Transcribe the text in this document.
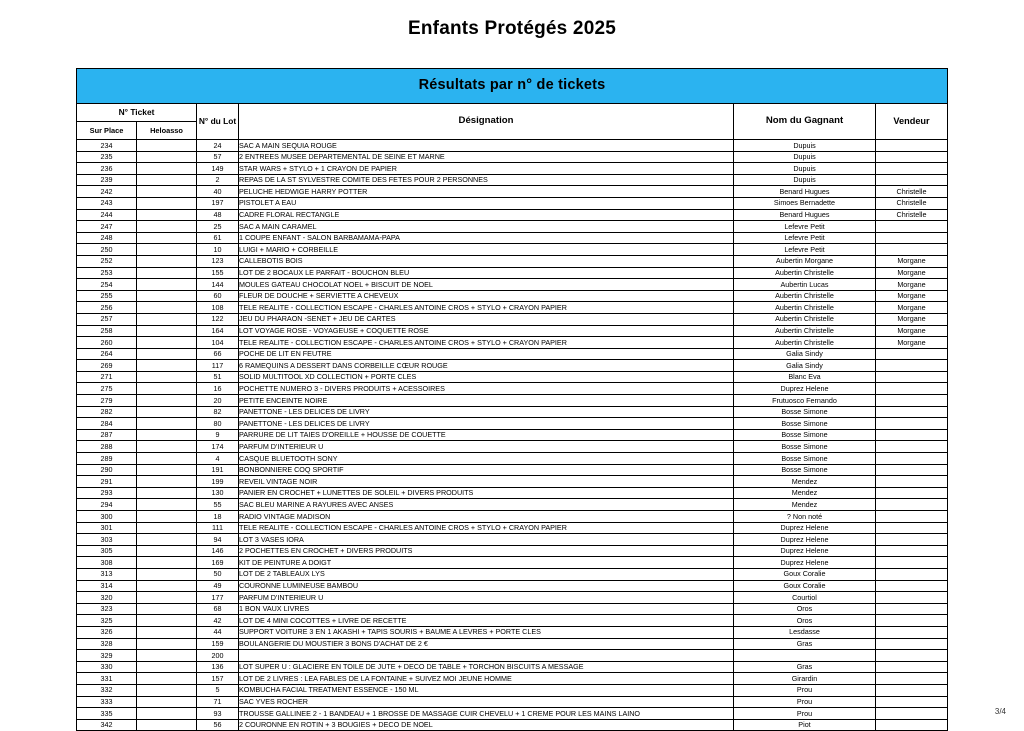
Enfants Protégés 2025
Résultats par n° de tickets					
N° Ticket		N° du Lot	Désignation	Nom du Gagnant	Vendeur
Sur Place	Heloasso				
234		24	SAC A MAIN SEQUIA ROUGE	Dupuis	
235		57	2 ENTREES MUSEE DEPARTEMENTAL DE SEINE ET MARNE	Dupuis	
236		149	STAR WARS + STYLO + 1 CRAYON DE PAPIER	Dupuis	
239		2	REPAS DE LA ST SYLVESTRE COMITE DES FETES POUR 2 PERSONNES	Dupuis	
242		40	PELUCHE HEDWIGE HARRY POTTER	Benard Hugues	Christelle
243		197	PISTOLET A EAU	Simoes Bernadette	Christelle
244		48	CADRE FLORAL RECTANGLE	Benard Hugues	Christelle
247		25	SAC A MAIN CARAMEL	Lefevre Petit	
248		61	1 COUPE ENFANT - SALON BARBAMAMA-PAPA	Lefevre Petit	
250		10	LUIGI + MARIO + CORBEILLE	Lefevre Petit	
252		123	CALLEBOTIS BOIS	Aubertin Morgane	Morgane
253		155	LOT DE 2 BOCAUX LE PARFAIT - BOUCHON BLEU	Aubertin Christelle	Morgane
254		144	MOULES GATEAU CHOCOLAT NOEL + BISCUIT DE NOEL	Aubertin Lucas	Morgane
255		60	FLEUR DE DOUCHE + SERVIETTE A CHEVEUX	Aubertin Christelle	Morgane
256		108	TELE REALITE - COLLECTION ESCAPE - CHARLES ANTOINE CROS + STYLO + CRAYON PAPIER	Aubertin Christelle	Morgane
257		122	JEU DU PHARAON -SENET + JEU DE CARTES	Aubertin Christelle	Morgane
258		164	LOT VOYAGE ROSE - VOYAGEUSE + COQUETTE ROSE	Aubertin Christelle	Morgane
260		104	TELE REALITE - COLLECTION ESCAPE - CHARLES ANTOINE CROS + STYLO + CRAYON PAPIER	Aubertin Christelle	Morgane
264		66	POCHE DE LIT EN FEUTRE	Galia Sindy	
269		117	6 RAMEQUINS A DESSERT DANS CORBEILLE CŒUR ROUGE	Galia Sindy	
271		51	SOLID MULTITOOL XD COLLECTION + PORTE CLES	Blanc Eva	
275		16	POCHETTE NUMERO 3 - DIVERS PRODUITS + ACESSOIRES	Duprez Helene	
279		20	PETITE ENCEINTE NOIRE	Frutuosco Fernando	
282		82	PANETTONE - LES DELICES DE LIVRY	Bosse Simone	
284		80	PANETTONE - LES DELICES DE LIVRY	Bosse Simone	
287		9	PARRURE DE LIT TAIES D'OREILLE + HOUSSE DE COUETTE	Bosse Simone	
288		174	PARFUM D'INTERIEUR U	Bosse Simone	
289		4	CASQUE BLUETOOTH SONY	Bosse Simone	
290		191	BONBONNIERE COQ SPORTIF	Bosse Simone	
291		199	REVEIL VINTAGE NOIR	Mendez	
293		130	PANIER EN CROCHET + LUNETTES DE SOLEIL + DIVERS PRODUITS	Mendez	
294		55	SAC BLEU MARINE A RAYURES AVEC ANSES	Mendez	
300		18	RADIO VINTAGE MADISON	? Non noté	
301		111	TELE REALITE - COLLECTION ESCAPE - CHARLES ANTOINE CROS + STYLO + CRAYON PAPIER	Duprez Helene	
303		94	LOT 3 VASES IORA	Duprez Helene	
305		146	2 POCHETTES EN CROCHET + DIVERS PRODUITS	Duprez Helene	
308		169	KIT DE PEINTURE A DOIGT	Duprez Helene	
313		50	LOT DE 2 TABLEAUX LYS	Goux Coralie	
314		49	COURONNE LUMINEUSE BAMBOU	Goux Coralie	
320		177	PARFUM D'INTERIEUR U	Courtiol	
323		68	1 BON VAUX LIVRES	Oros	
325		42	LOT DE 4 MINI COCOTTES + LIVRE DE RECETTE	Oros	
326		44	SUPPORT VOITURE 3 EN 1 AKASHI + TAPIS SOURIS + BAUME A LEVRES + PORTE CLES	Lesdasse	
328		159	BOULANGERIE DU MOUSTIER 3 BONS D'ACHAT DE 2 €	Gras	
329		200			
330		136	LOT SUPER U : GLACIERE EN TOILE DE JUTE + DECO DE TABLE + TORCHON BISCUITS A MESSAGE	Gras	
331		157	LOT DE 2 LIVRES : LEA FABLES DE LA FONTAINE + SUIVEZ MOI JEUNE HOMME	Girardin	
332		5	KOMBUCHA FACIAL TREATMENT ESSENCE - 150 ML	Prou	
333		71	SAC YVES ROCHER	Prou	
335		93	TROUSSE GALLINEE 2 - 1 BANDEAU + 1 BROSSE DE MASSAGE CUIR CHEVELU + 1 CREME POUR LES MAINS LAINO	Prou	
342		56	2 COURONNE EN ROTIN + 3 BOUGIES + DECO DE NOEL	Piot	
3/4
